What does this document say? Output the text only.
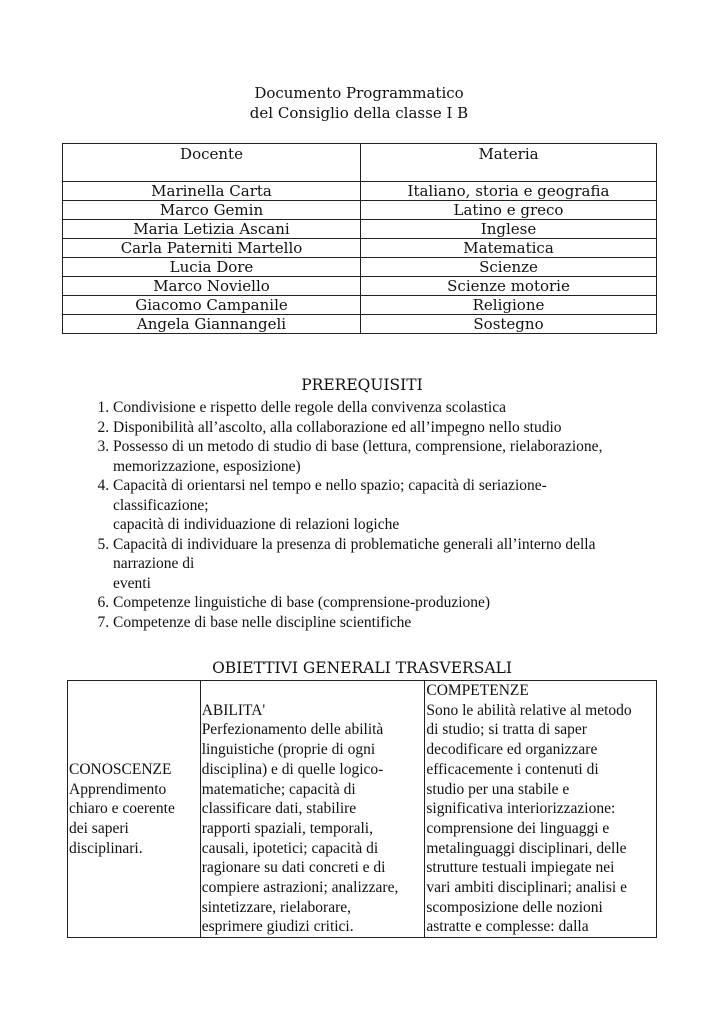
Documento Programmatico
del Consiglio della classe I B
Docente	Materia
Marinella Carta	Italiano, storia e geografia
Marco Gemin	Latino e greco
Maria Letizia Ascani	Inglese
Carla Paterniti Martello	Matematica
Lucia Dore	Scienze
Marco Noviello	Scienze motorie
Giacomo Campanile	Religione
Angela Giannangeli	Sostegno
PREREQUISITI
1. Condivisione e rispetto delle regole della convivenza scolastica
2. Disponibilità all’ascolto, alla collaborazione ed all’impegno nello studio
3. Possesso di un metodo di studio di base (lettura, comprensione, rielaborazione,
memorizzazione, esposizione)
4. Capacità di orientarsi nel tempo e nello spazio; capacità di seriazione-
classificazione;
capacità di individuazione di relazioni logiche
5. Capacità di individuare la presenza di problematiche generali all’interno della
narrazione di
eventi
6. Competenze linguistiche di base (comprensione-produzione)
7. Competenze di base nelle discipline scientifiche
OBIETTIVI GENERALI TRASVERSALI
CONOSCENZE
Apprendimento
chiaro e coerente
dei saperi
disciplinari.

ABILITA'
Perfezionamento delle abilità
linguistiche (proprie di ogni
disciplina) e di quelle logico-
matematiche; capacità di
classificare dati, stabilire
rapporti spaziali, temporali,
causali, ipotetici; capacità di
ragionare su dati concreti e di
compiere astrazioni; analizzare,
sintetizzare, rielaborare,
esprimere giudizi critici.

COMPETENZE
Sono le abilità relative al metodo
di studio; si tratta di saper
decodificare ed organizzare
efficacemente i contenuti di
studio per una stabile e
significativa interiorizzazione:
comprensione dei linguaggi e
metalinguaggi disciplinari, delle
strutture testuali impiegate nei
vari ambiti disciplinari; analisi e
scomposizione delle nozioni
astratte e complesse: dalla
